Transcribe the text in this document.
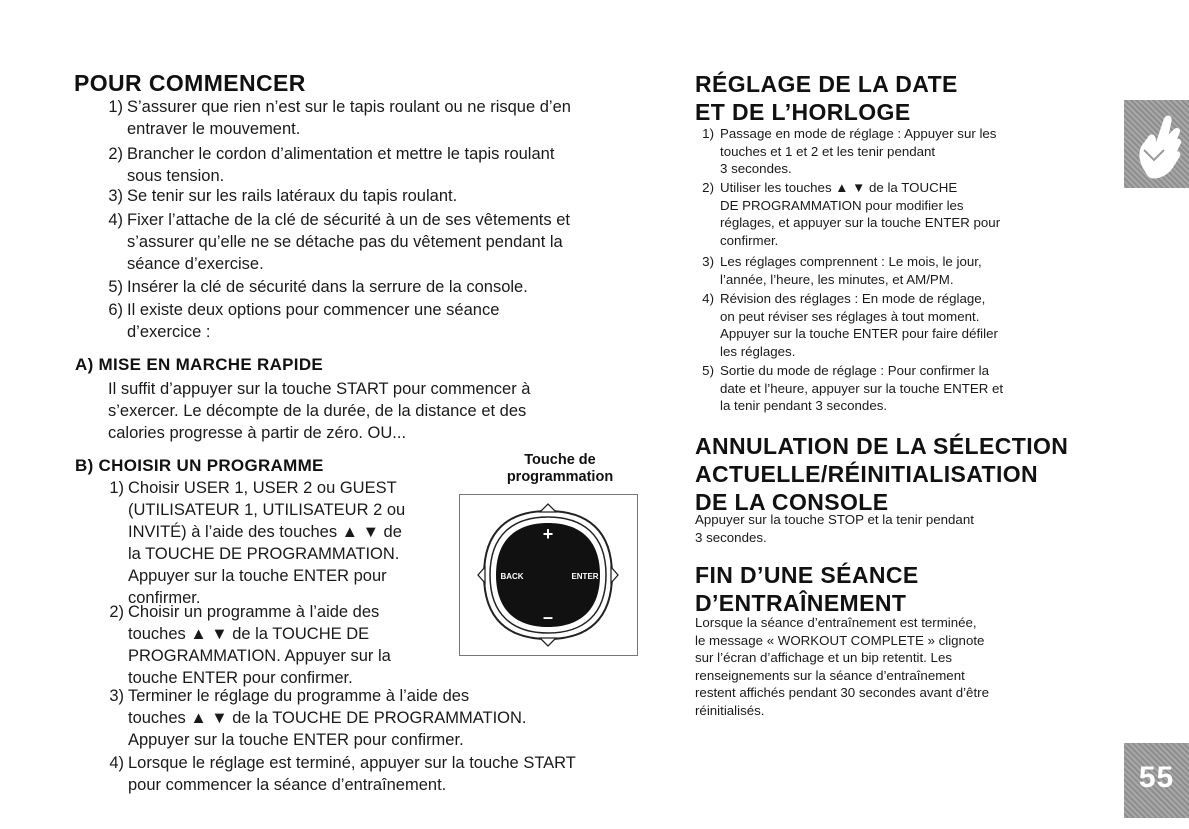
POUR COMMENCER
1) S’assurer que rien n’est sur le tapis roulant ou ne risque d’en
entraver le mouvement.
2) Brancher le cordon d’alimentation et mettre le tapis roulant
sous tension.
3) Se tenir sur les rails latéraux du tapis roulant.
4) Fixer l’attache de la clé de sécurité à un de ses vêtements et
s’assurer qu’elle ne se détache pas du vêtement pendant la
séance d’exercise.
5) Insérer la clé de sécurité dans la serrure de la console.
6) Il existe deux options pour commencer une séance
d’exercice :
A) MISE EN MARCHE RAPIDE
Il suffit d’appuyer sur la touche START pour commencer à
s’exercer. Le décompte de la durée, de la distance et des
calories progresse à partir de zéro. OU...
B) CHOISIR UN PROGRAMME
1) Choisir USER 1, USER 2 ou GUEST
(UTILISATEUR 1, UTILISATEUR 2 ou
INVITÉ) à l’aide des touches ▲ ▼ de
la TOUCHE DE PROGRAMMATION.
Appuyer sur la touche ENTER pour
confirmer.
2) Choisir un programme à l’aide des
touches ▲ ▼ de la TOUCHE DE
PROGRAMMATION. Appuyer sur la
touche ENTER pour confirmer.
3) Terminer le réglage du programme à l’aide des
touches ▲ ▼ de la TOUCHE DE PROGRAMMATION.
Appuyer sur la touche ENTER pour confirmer.
4) Lorsque le réglage est terminé, appuyer sur la touche START
pour commencer la séance d’entraînement.
Touche de
programmation
+
–
BACK	ENTER
RÉGLAGE DE LA DATE
ET DE L’HORLOGE
1) Passage en mode de réglage : Appuyer sur les
touches et 1 et 2 et les tenir pendant
3 secondes.
2) Utiliser les touches ▲ ▼ de la TOUCHE
DE PROGRAMMATION pour modifier les
réglages, et appuyer sur la touche ENTER pour
confirmer.
3) Les réglages comprennent : Le mois, le jour,
l’année, l’heure, les minutes, et AM/PM.
4) Révision des réglages : En mode de réglage,
on peut réviser ses réglages à tout moment.
Appuyer sur la touche ENTER pour faire défiler
les réglages.
5) Sortie du mode de réglage : Pour confirmer la
date et l’heure, appuyer sur la touche ENTER et
la tenir pendant 3 secondes.
ANNULATION DE LA SÉLECTION
ACTUELLE/RÉINITIALISATION
DE LA CONSOLE
Appuyer sur la touche STOP et la tenir pendant
3 secondes.
FIN D’UNE SÉANCE
D’ENTRAÎNEMENT
Lorsque la séance d’entraînement est terminée,
le message « WORKOUT COMPLETE » clignote
sur l’écran d’affichage et un bip retentit. Les
renseignements sur la séance d’entraînement
restent affichés pendant 30 secondes avant d’être
réinitialisés.
55
